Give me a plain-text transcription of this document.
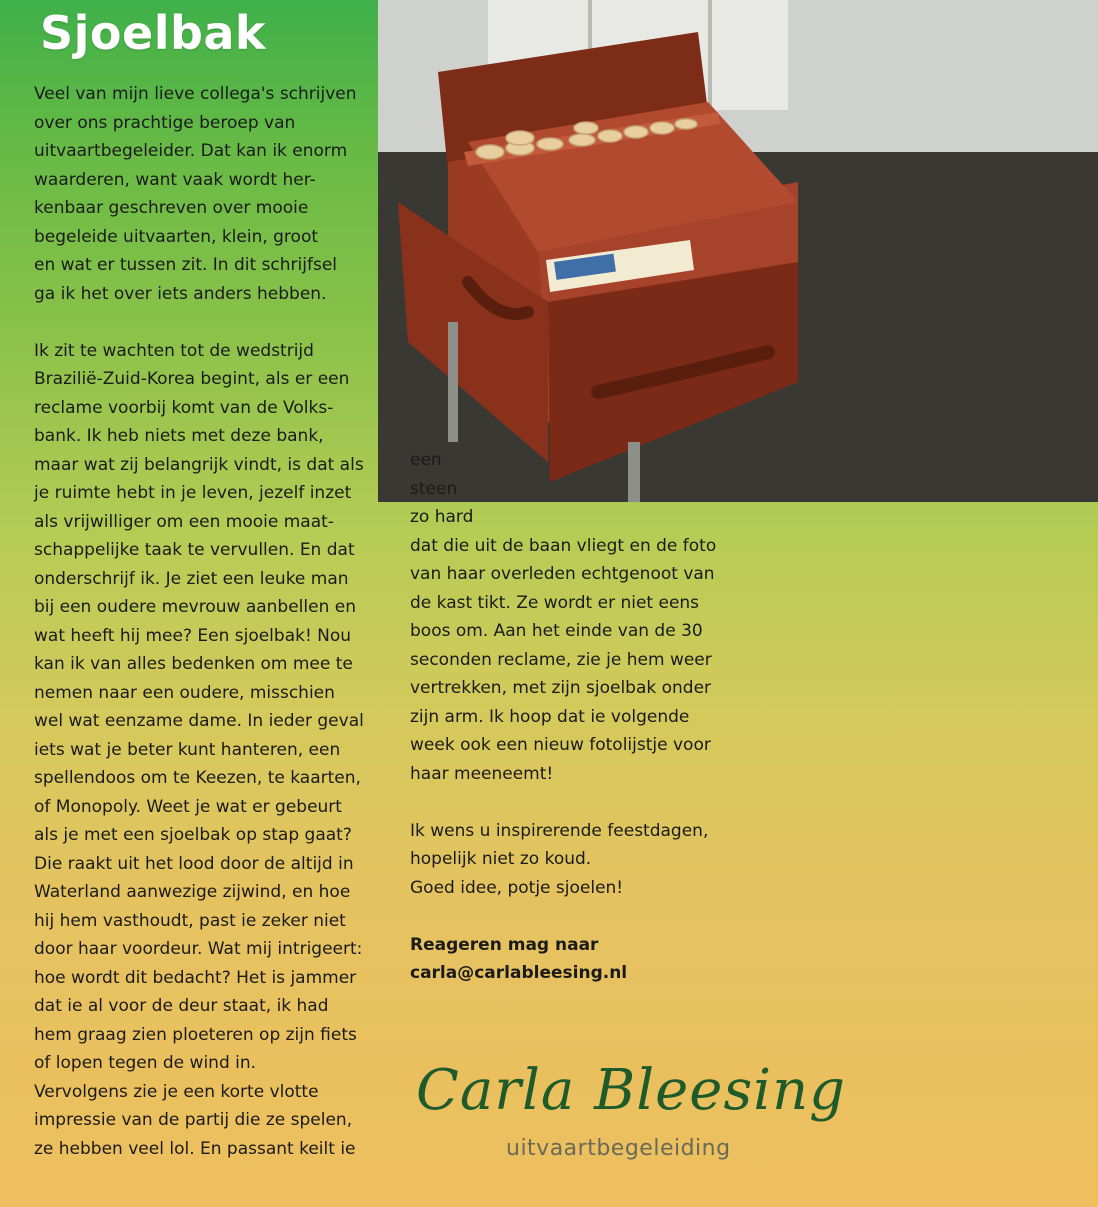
Sjoelbak

Veel van mijn lieve collega's schrijven
over ons prachtige beroep van
uitvaartbegeleider. Dat kan ik enorm
waarderen, want vaak wordt her-
kenbaar geschreven over mooie
begeleide uitvaarten, klein, groot
en wat er tussen zit. In dit schrijfsel
ga ik het over iets anders hebben.

Ik zit te wachten tot de wedstrijd
Brazilië-Zuid-Korea begint, als er een
reclame voorbij komt van de Volks-
bank. Ik heb niets met deze bank,
maar wat zij belangrijk vindt, is dat als
je ruimte hebt in je leven, jezelf inzet
als vrijwilliger om een mooie maat-
schappelijke taak te vervullen. En dat
onderschrijf ik. Je ziet een leuke man
bij een oudere mevrouw aanbellen en
wat heeft hij mee? Een sjoelbak! Nou
kan ik van alles bedenken om mee te
nemen naar een oudere, misschien
wel wat eenzame dame. In ieder geval
iets wat je beter kunt hanteren, een
spellendoos om te Keezen, te kaarten,
of Monopoly. Weet je wat er gebeurt
als je met een sjoelbak op stap gaat?
Die raakt uit het lood door de altijd in
Waterland aanwezige zijwind, en hoe
hij hem vasthoudt, past ie zeker niet
door haar voordeur. Wat mij intrigeert:
hoe wordt dit bedacht? Het is jammer
dat ie al voor de deur staat, ik had
hem graag zien ploeteren op zijn fiets
of lopen tegen de wind in.
Vervolgens zie je een korte vlotte
impressie van de partij die ze spelen,
ze hebben veel lol. En passant keilt ie

een
steen
zo hard
dat die uit de baan vliegt en de foto
van haar overleden echtgenoot van
de kast tikt. Ze wordt er niet eens
boos om. Aan het einde van de 30
seconden reclame, zie je hem weer
vertrekken, met zijn sjoelbak onder
zijn arm. Ik hoop dat ie volgende
week ook een nieuw fotolijstje voor
haar meeneemt!

Ik wens u inspirerende feestdagen,
hopelijk niet zo koud.
Goed idee, potje sjoelen!

Reageren mag naar

carla@carlableesing.nl

Carla Bleesing
uitvaartbegeleiding
